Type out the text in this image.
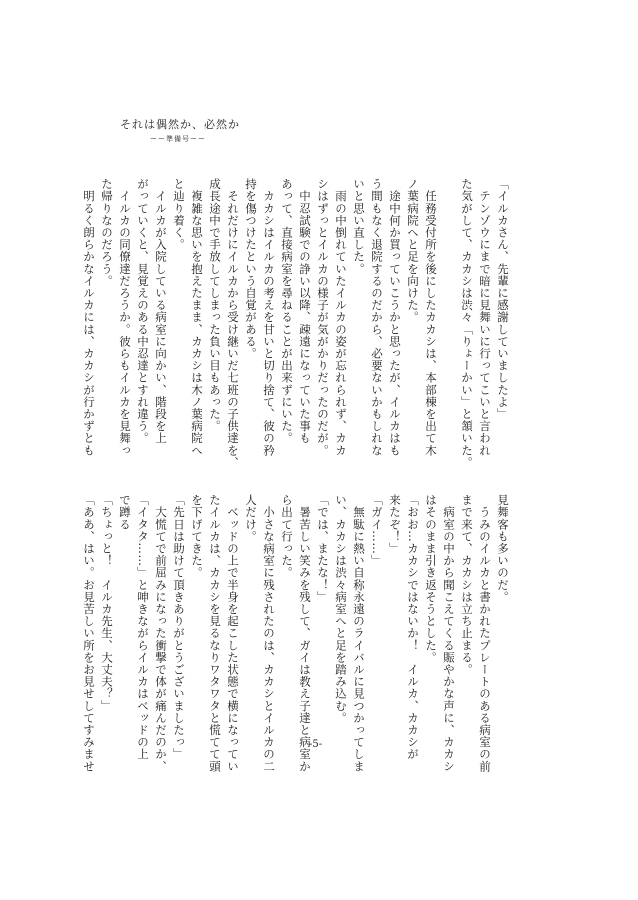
それは偶然か、必然か
ーー準備号ーー
「イルカさん、先輩に感謝していましたよ」
　テンゾウにまで暗に見舞いに行ってこいと言われ
た気がして、カカシは渋々「りょーかい」と頷いた。
　任務受付所を後にしたカカシは、本部棟を出て木
ノ葉病院へと足を向けた。
　途中何か買っていこうかと思ったが、イルカはも
う間もなく退院するのだから、必要ないかもしれな
いと思い直した。
　雨の中倒れていたイルカの姿が忘れられず、カカ
シはずっとイルカの様子が気がかりだったのだが。
　中忍試験での諍い以降、疎遠になっていた事も
あって、直接病室を尋ねることが出来ずにいた。
　カカシはイルカの考えを甘いと切り捨て、彼の矜
持を傷つけたという自覚がある。
　それだけにイルカから受け継いだ七班の子供達を、
成長途中で手放してしまった負い目もあった。
　複雑な思いを抱えたまま、カカシは木ノ葉病院へ
と辿り着く。
　イルカが入院している病室に向かい、階段を上
がっていくと、見覚えのある中忍達とすれ違う。
　イルカの同僚達だろうか。彼らもイルカを見舞っ
た帰りなのだろう。
　明るく朗らかなイルカには、カカシが行かずとも
見舞客も多いのだ。
　うみのイルカと書かれたプレートのある病室の前
まで来て、カカシは立ち止まる。
　病室の中から聞こえてくる賑やかな声に、カカシ
はそのまま引き返そうとした。
「おお…カカシではないか！　イルカ、カカシが
来たぞ！」
「ガイ……」
　無駄に熱い自称永遠のライバルに見つかってしま
い、カカシは渋々病室へと足を踏み込む。
「では、またな！」
　暑苦しい笑みを残して、ガイは教え子達と病室か
ら出て行った。
　小さな病室に残されたのは、カカシとイルカの二
人だけ。
　ベッドの上で半身を起こした状態で横になってい
たイルカは、カカシを見るなりワタワタと慌てて頭
を下げてきた。
「先日は助けて頂きありがとうございましたっ」
　大慌てで前屈みになった衝撃で体が痛んだのか、
「イタタ……」と呻きながらイルカはベッドの上
で蹲る
「ちょっと！　イルカ先生、大丈夫？」
「ああ、はい。お見苦しい所をお見せしてすみませ	-5-
